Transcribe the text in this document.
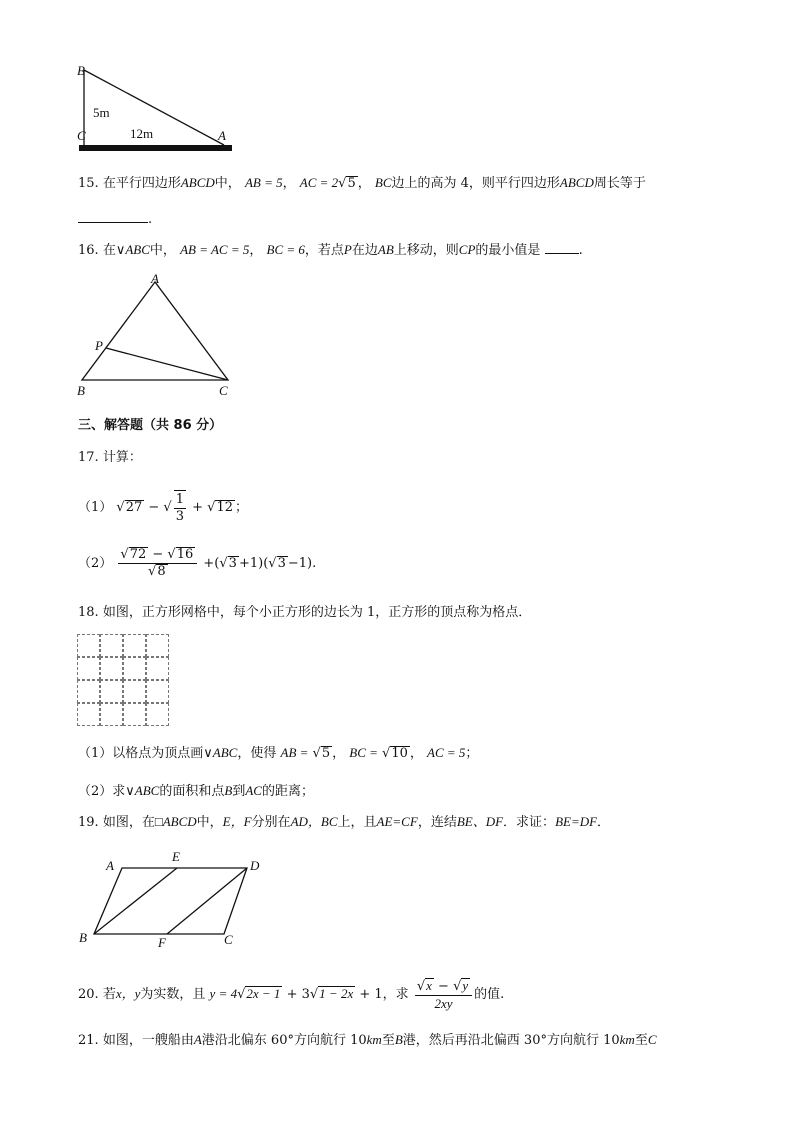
B
5m
C	12m	A
15. 在平行四边形ABCD中， AB = 5， AC = 2√5 ， BC边上的高为 4，则平行四边形ABCD周长等于
.
16. 在∨ABC中， AB = AC = 5， BC = 6，若点P在边AB上移动，则CP的最小值是	.
A
P
B	C
三、解答题（共 86 分）
17. 计算：
（1） √27 − √ $\frac{1}{3} + √12$ ；
$(2) \frac{√72 - √16}{√8} +(√3 +1)(√3 -1)$.
18. 如图，正方形网格中，每个小正方形的边长为 1，正方形的顶点称为格点．
（1）以格点为顶点画∨ABC，使得 AB = √5 ， BC = √10 ， AC = 5；
（2）求∨ABC的面积和点B到AC的距离；
19. 如图，在□ABCD中，E，F分别在AD，BC上，且AE=CF，连结BE、DF．求证：BE=DF．
A
E
D
B	F	C
20. 若x，y为实数，且 y = 4√2x − 1 + 3√1 − 2x + 1，求 $\frac{√x - √y}{2xy}$ 的值.
21. 如图，一艘船由A港沿北偏东 60°方向航行 10km至B港，然后再沿北偏西 30°方向航行 10km至C
